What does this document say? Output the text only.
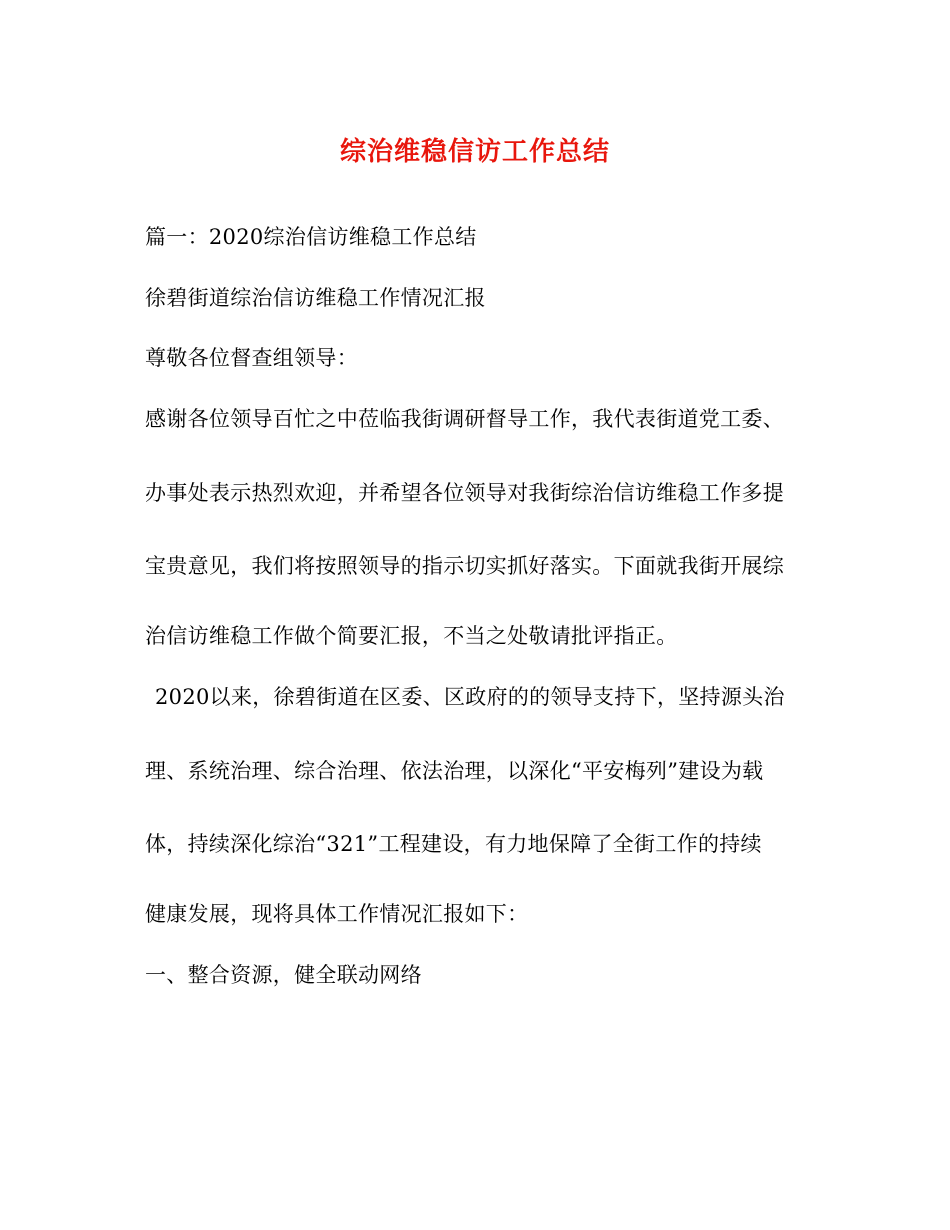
综治维稳信访工作总结
篇一：2020综治信访维稳工作总结
徐碧街道综治信访维稳工作情况汇报
尊敬各位督查组领导：
感谢各位领导百忙之中莅临我街调研督导工作，我代表街道党工委、
办事处表示热烈欢迎，并希望各位领导对我街综治信访维稳工作多提
宝贵意见，我们将按照领导的指示切实抓好落实。下面就我街开展综
治信访维稳工作做个简要汇报，不当之处敬请批评指正。
2020以来，徐碧街道在区委、区政府的的领导支持下，坚持源头治
理、系统治理、综合治理、依法治理，以深化“平安梅列”建设为载
体，持续深化综治“321”工程建设，有力地保障了全街工作的持续
健康发展，现将具体工作情况汇报如下：
一、整合资源，健全联动网络
